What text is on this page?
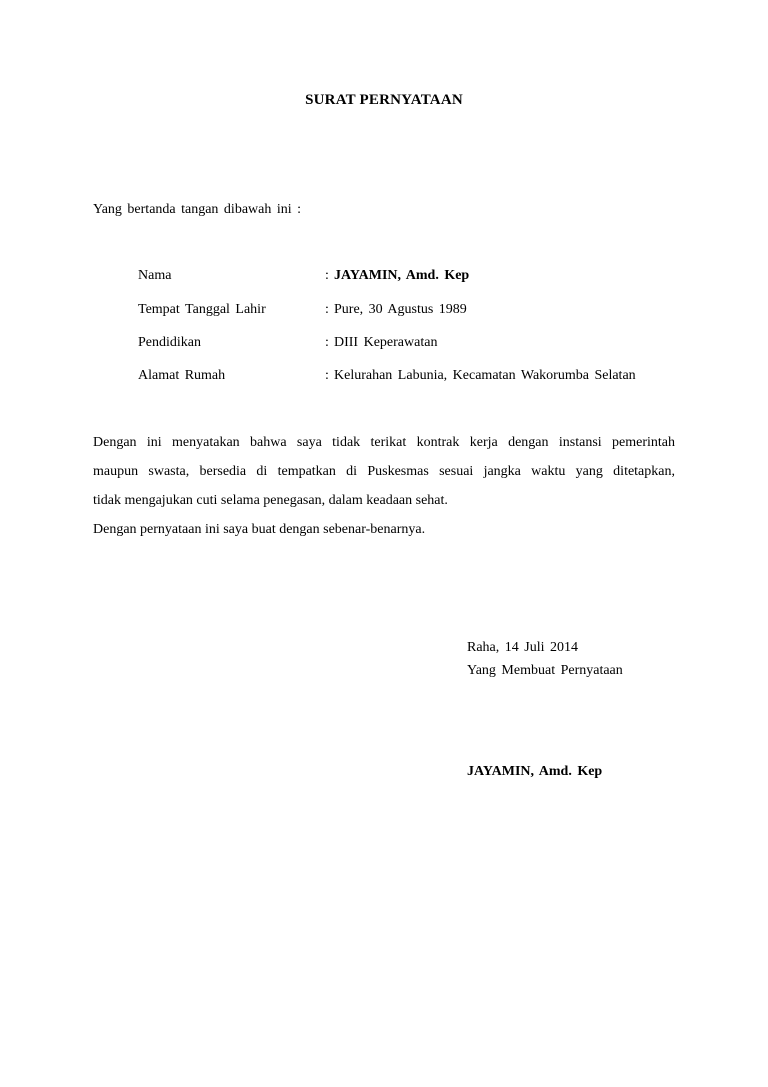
SURAT PERNYATAAN
Yang bertanda tangan dibawah ini :
Nama	: JAYAMIN, Amd. Kep
Tempat Tanggal Lahir	: Pure, 30 Agustus 1989
Pendidikan	: DIII Keperawatan
Alamat Rumah	: Kelurahan Labunia, Kecamatan Wakorumba Selatan

Dengan ini menyatakan bahwa saya tidak terikat kontrak kerja dengan instansi pemerintah

maupun swasta, bersedia di tempatkan di Puskesmas sesuai jangka waktu yang ditetapkan,

tidak mengajukan cuti selama penegasan, dalam keadaan sehat.

Dengan pernyataan ini saya buat dengan sebenar-benarnya.

Raha, 14 Juli 2014
Yang Membuat Pernyataan
JAYAMIN, Amd. Kep
